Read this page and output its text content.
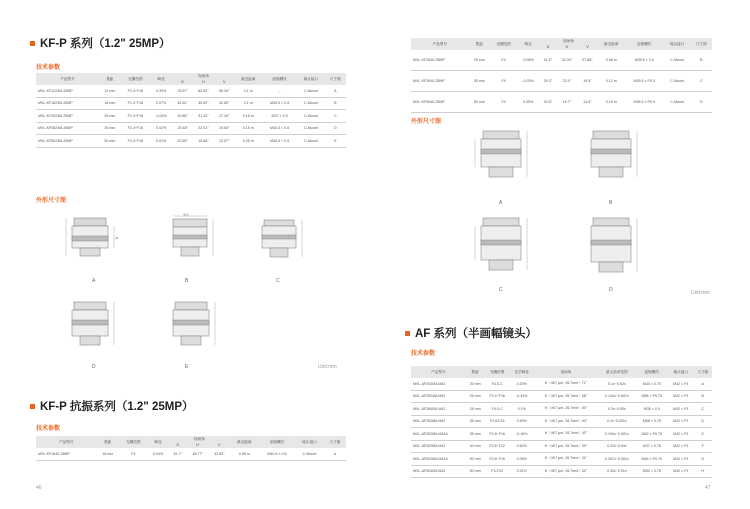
KF-P 系列（1.2" 25MP）
技术参数
产品型号	焦距	光圈范围	畸变	视场角			最近距离	滤镜螺纹	镜头接口	尺寸图
				D	H	V				
MVL-KF1224M-25MP	12 mm	F2.4~F16	0.39%	75.57°	62.52°	55.34°	0.1 m	-	C-Mount	A
MVL-KF1624M-25MP	16 mm	F2.4~F16	0.07%	61.61°	49.82°	42.89°	0.1 m	M40.5 × 0.5	C-Mount	B
MVL-KF2524M-25MP	25 mm	F2.4~F16	-0.04%	40.85°	31.42°	27.34°	0.15 m	M37 × 0.5	C-Mount	C
MVL-KF3524M-25MP	35 mm	F2.4~F16	0.02%	29.48°	22.51°	19.54°	0.15 m	M40.5 × 0.5	C-Mount	D
MVL-KF5024M-25MP	50 mm	F2.4~F16	0.01%	20.65°	15.66°	13.57°	0.25 m	M40.5 × 0.5	C-Mount	E
外形尺寸图
42
A
42.5
B	C
D	E	Unit:mm
KF-P 抗振系列（1.2" 25MP）
技术参数
产品型号	焦距	光圈范围	畸变	视场角			最近距离	滤镜螺纹	镜头接口	尺寸图
				D	H	V				
MVL-KF1640-25MP	16 mm	F4	0.04%	61.7°	48.77°	42.83°	0.08 m	M40.5 × 0.5	C-Mount	A
46
产品型号	焦距	光圈范围	畸变	视场角			最近距离	滤镜螺纹	镜头接口	尺寸图
				D	H	V				
MVL-KF2540-25MP	25 mm	F4	-0.06%	41.5°	32.04°	27.88°	0.08 m	M35.5 × 0.5	C-Mount	B
MVL-KF3540-25MP	35 mm	F4	-0.03%	29.3°	22.4°	19.5°	0.12 m	M35.5 × P0.5	C-Mount	C
MVL-KF5040-25MP	50 mm	F4	0.05%	20.6°	15.7°	13.6°	0.15 m	M35.5 × P0.5	C-Mount	D
外形尺寸图
A	B
C	D	Unit:mm
AF 系列（半画幅镜头）
技术参数
产品型号	焦距	光圈范围	光学畸变	视场角	最大放率范围	滤镜螺纹	镜头接口	尺寸图
MVL-AF2040M-M42	20 mm	F4.5-C	0.20%	H（4K7 μm, 26.7mm）71°	0.1x~0.62x	M43 × 0.75	M42 × P1	A
MVL-AF2524M-M42	25 mm	F2.4~F16	-0.34%	H（4K7 μm, 26.7mm）56°	0.143x~0.601x	M58 × P0.75	M42 × P1	B
MVL-AF2840M-M42	28 mm	F4.0-C	0.1%	H（4K7 μm, 26.7mm）50°	0.3x~0.05x	M35 × 0.5	M42 × P1	C
MVL-AF3528M-M42	35 mm	F2.8-F16	0.40%	H（4K7 μm, 26.7mm）44°	0.2x~0.001x	M58 × 0.75	M42 × P1	D
MVL-AF3528M-M42A	35 mm	F2.8~F16	-0.16%	H（4K7 μm, 26.7mm）42°	0.194x~0.001x	M52 × P0.75	M42 × P1	E
MVL-AF4028M-M42	40 mm	F2.8~F22	0.62%	H（4K7 μm, 26.7mm）39°	0.22x~0.04x	M37 × 0.75	M42 × P1	F
MVL-AF5028M-M42A	50 mm	F2.8~F16	0.05%	H（4K7 μm, 26.7mm）31°	0.267x~0.001x	M46 × P0.75	M42 × P1	G
MVL-AF5040M-M42	50 mm	F4-F22	0.21%	H（4K7 μm, 26.7mm）32°	0.33x~0.01x	M52 × 0.75	M42 × P1	H
47
